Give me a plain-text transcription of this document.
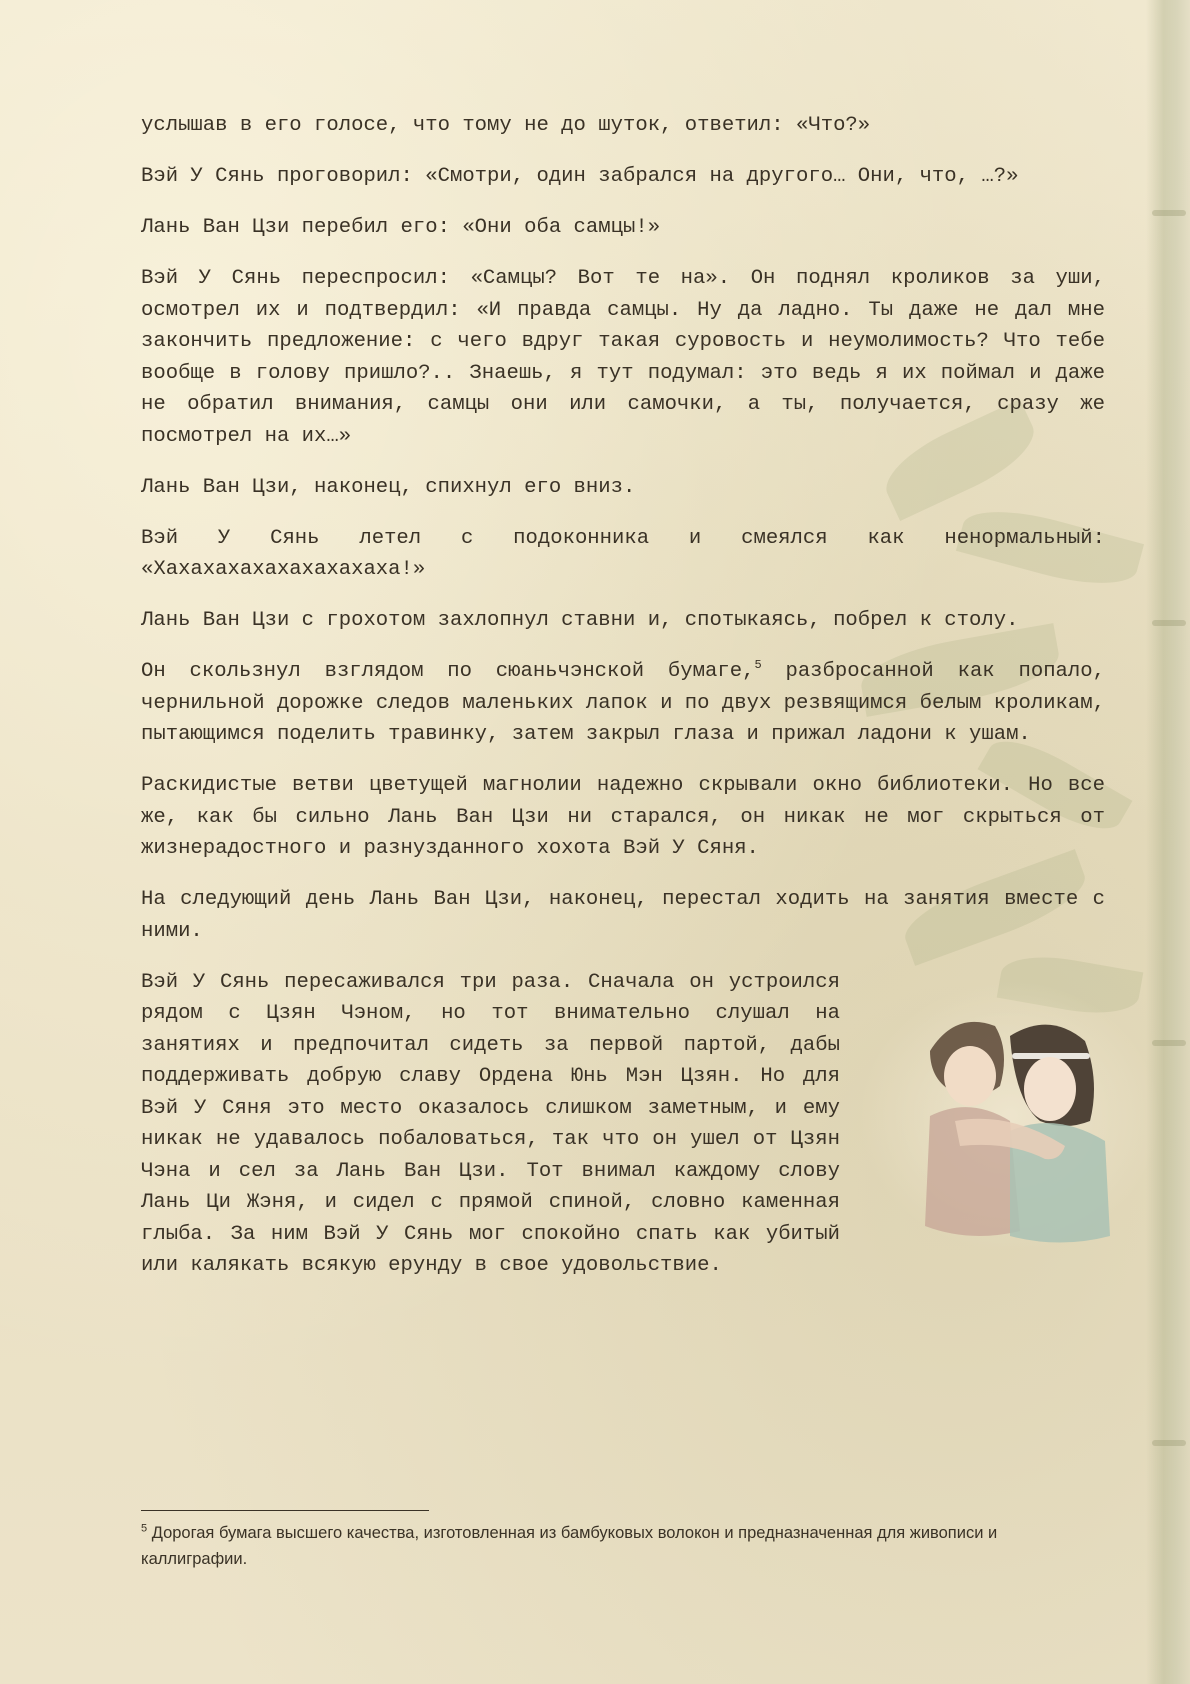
услышав в его голосе, что тому не до шуток, ответил: «Что?»

Вэй У Сянь проговорил: «Смотри, один забрался на другого… Они, что, …?»

Лань Ван Цзи перебил его: «Они оба самцы!»

Вэй У Сянь переспросил: «Самцы? Вот те на». Он поднял кроликов за уши, осмотрел их и подтвердил: «И правда самцы. Ну да ладно. Ты даже не дал мне закончить предложение: с чего вдруг такая суровость и неумолимость? Что тебе вообще в голову пришло?.. Знаешь, я тут подумал: это ведь я их поймал и даже не обратил внимания, самцы они или самочки, а ты, получается, сразу же посмотрел на их…»

Лань Ван Цзи, наконец, спихнул его вниз.

Вэй У Сянь летел с подоконника и смеялся как ненормальный: «Хахахахахахахахахаха!»

Лань Ван Цзи с грохотом захлопнул ставни и, спотыкаясь, побрел к столу.

Он скользнул взглядом по сюаньчэнской бумаге,$^5$ разбросанной как попало, чернильной дорожке следов маленьких лапок и по двух резвящимся белым кроликам, пытающимся поделить травинку, затем закрыл глаза и прижал ладони к ушам.

Раскидистые ветви цветущей магнолии надежно скрывали окно библиотеки. Но все же, как бы сильно Лань Ван Цзи ни старался, он никак не мог скрыться от жизнерадостного и разнузданного хохота Вэй У Сяня.

На следующий день Лань Ван Цзи, наконец, перестал ходить на занятия вместе с ними.

Вэй У Сянь пересаживался три раза. Сначала он устроился рядом с Цзян Чэном, но тот внимательно слушал на занятиях и предпочитал сидеть за первой партой, дабы поддерживать добрую славу Ордена Юнь Мэн Цзян. Но для Вэй У Сяня это место оказалось слишком заметным, и ему никак не удавалось побаловаться, так что он ушел от Цзян Чэна и сел за Лань Ван Цзи. Тот внимал каждому слову Лань Ци Жэня, и сидел с прямой спиной, словно каменная глыба. За ним Вэй У Сянь мог спокойно спать как убитый или калякать всякую ерунду в свое удовольствие.

$^5$ Дорогая бумага высшего качества, изготовленная из бамбуковых волокон и предназначенная для живописи и каллиграфии.
